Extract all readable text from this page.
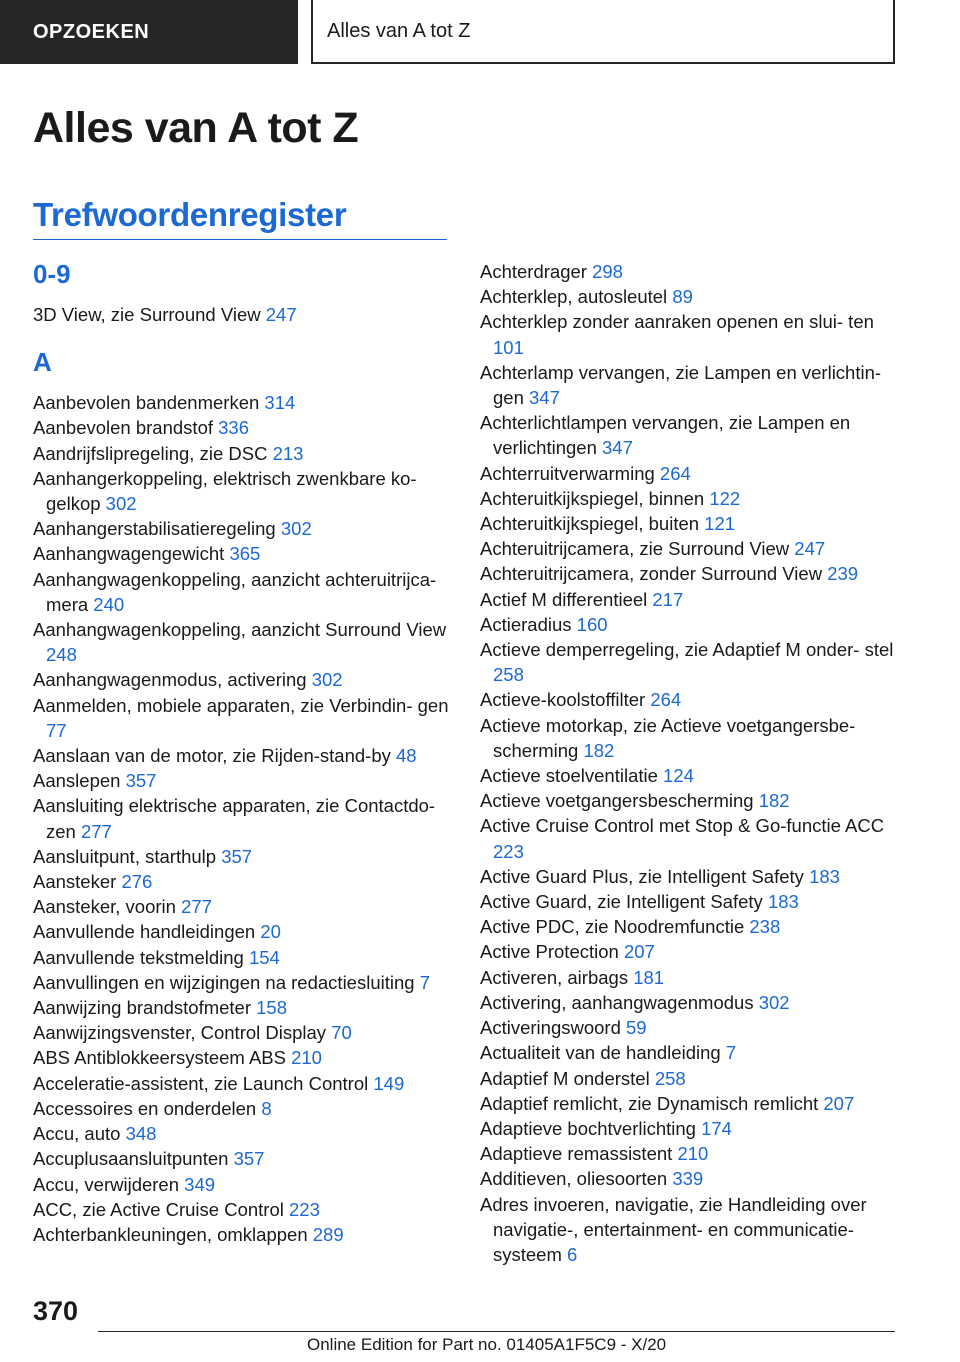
OPZOEKEN	Alles van A tot Z
Alles van A tot Z
Trefwoordenregister
0-9

3D View, zie Surround View 247

A

Aanbevolen bandenmerken 314

Aanbevolen brandstof 336

Aandrijfslipregeling, zie DSC 213

Aanhangerkoppeling, elektrisch zwenkbare ko‐ gelkop 302

Aanhangerstabilisatieregeling 302

Aanhangwagengewicht 365

Aanhangwagenkoppeling, aanzicht achteruitrijca‐ mera 240

Aanhangwagenkoppeling, aanzicht Surround View 248

Aanhangwagenmodus, activering 302

Aanmelden, mobiele apparaten, zie Verbindin‐ gen 77

Aanslaan van de motor, zie Rijden-stand-by 48

Aanslepen 357

Aansluiting elektrische apparaten, zie Contactdo‐ zen 277

Aansluitpunt, starthulp 357

Aansteker 276

Aansteker, voorin 277

Aanvullende handleidingen 20

Aanvullende tekstmelding 154

Aanvullingen en wijzigingen na redactiesluiting 7

Aanwijzing brandstofmeter 158

Aanwijzingsvenster, Control Display 70

ABS Antiblokkeersysteem ABS 210

Acceleratie-assistent, zie Launch Control 149

Accessoires en onderdelen 8

Accu, auto 348

Accuplusaansluitpunten 357

Accu, verwijderen 349

ACC, zie Active Cruise Control 223

Achterbankleuningen, omklappen 289

Achterdrager 298

Achterklep, autosleutel 89

Achterklep zonder aanraken openen en slui‐ ten 101

Achterlamp vervangen, zie Lampen en verlichtin‐ gen 347

Achterlichtlampen vervangen, zie Lampen en verlichtingen 347

Achterruitverwarming 264

Achteruitkijkspiegel, binnen 122

Achteruitkijkspiegel, buiten 121

Achteruitrijcamera, zie Surround View 247

Achteruitrijcamera, zonder Surround View 239

Actief M differentieel 217

Actieradius 160

Actieve demperregeling, zie Adaptief M onder‐ stel 258

Actieve-koolstoffilter 264

Actieve motorkap, zie Actieve voetgangersbe‐ scherming 182

Actieve stoelventilatie 124

Actieve voetgangersbescherming 182

Active Cruise Control met Stop & Go-functie ACC 223

Active Guard Plus, zie Intelligent Safety 183

Active Guard, zie Intelligent Safety 183

Active PDC, zie Noodremfunctie 238

Active Protection 207

Activeren, airbags 181

Activering, aanhangwagenmodus 302

Activeringswoord 59

Actualiteit van de handleiding 7

Adaptief M onderstel 258

Adaptief remlicht, zie Dynamisch remlicht 207

Adaptieve bochtverlichting 174

Adaptieve remassistent 210

Additieven, oliesoorten 339

Adres invoeren, navigatie, zie Handleiding over navigatie-, entertainment- en communicatie‐ systeem 6

370
Online Edition for Part no. 01405A1F5C9 - X/20
